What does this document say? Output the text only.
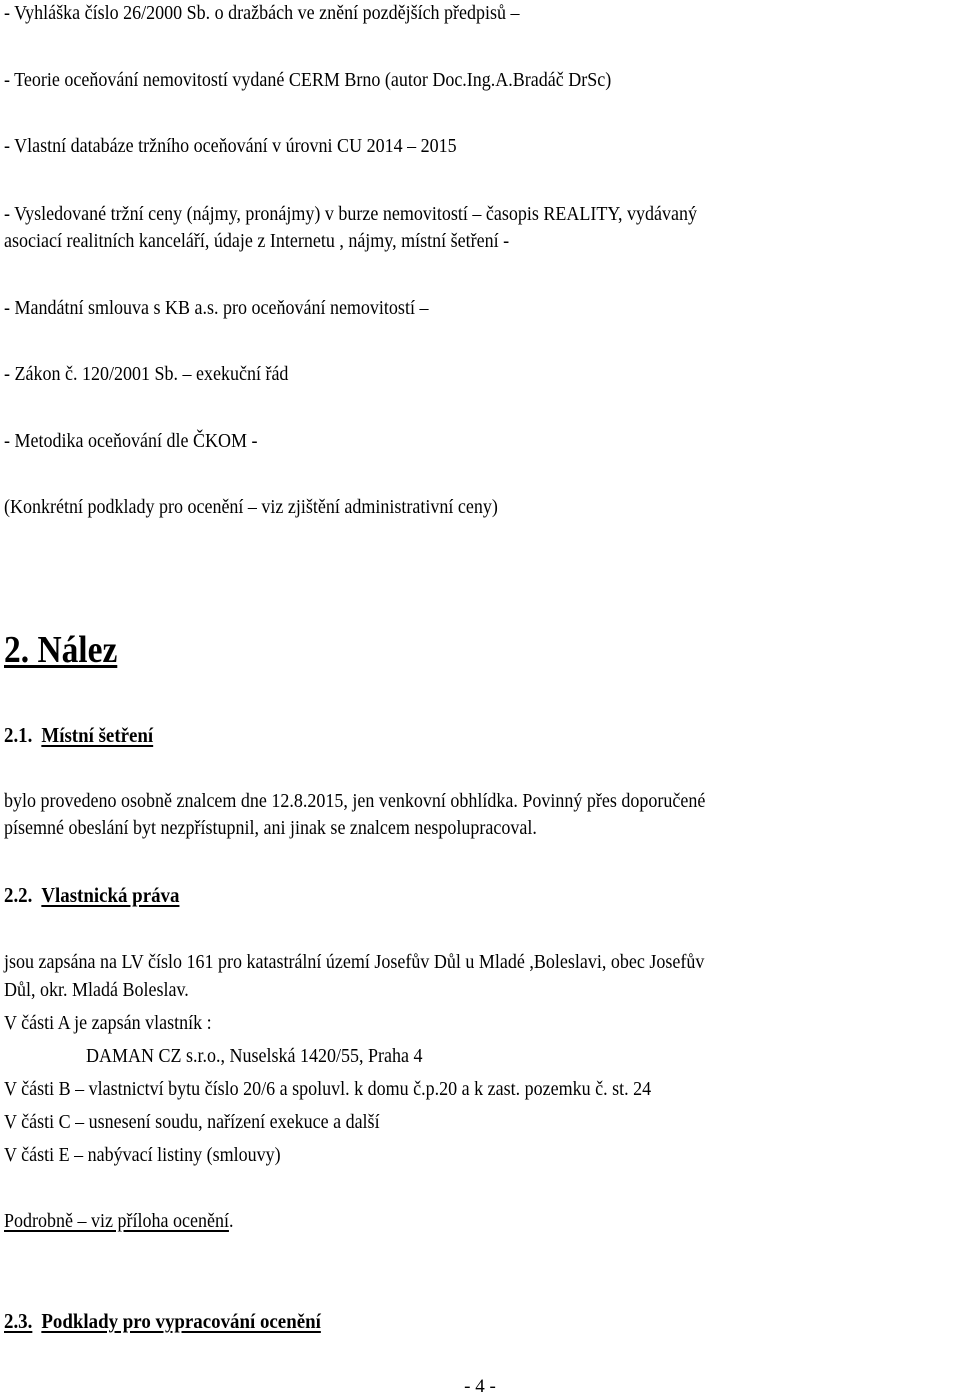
- Vyhláška číslo 26/2000 Sb. o dražbách ve znění pozdějších předpisů –
- Teorie oceňování nemovitostí vydané CERM Brno (autor Doc.Ing.A.Bradáč DrSc)
- Vlastní databáze tržního oceňování v úrovni CU 2014 – 2015
- Vysledované tržní ceny (nájmy, pronájmy) v burze nemovitostí – časopis REALITY, vydávaný
asociací realitních kanceláří, údaje z Internetu , nájmy, místní šetření -
- Mandátní smlouva s KB a.s. pro oceňování nemovitostí –
- Zákon č. 120/2001 Sb. – exekuční řád
- Metodika oceňování dle ČKOM -
(Konkrétní podklady pro ocenění – viz zjištění administrativní ceny)
2. Nález
2.1. Místní šetření
bylo provedeno osobně znalcem dne 12.8.2015, jen venkovní obhlídka. Povinný přes doporučené
písemné obeslání byt nezpřístupnil, ani jinak se znalcem nespolupracoval.
2.2. Vlastnická práva
jsou zapsána na LV číslo 161 pro katastrální území Josefův Důl u Mladé ,Boleslavi, obec Josefův
Důl, okr. Mladá Boleslav.
V části A je zapsán vlastník :
DAMAN CZ s.r.o., Nuselská 1420/55, Praha 4
V části B – vlastnictví bytu číslo 20/6 a spoluvl. k domu č.p.20 a k zast. pozemku č. st. 24
V části C – usnesení soudu, nařízení exekuce a další
V části E – nabývací listiny (smlouvy)
Podrobně – viz příloha ocenění.
2.3. Podklady pro vypracování ocenění
- 4 -
